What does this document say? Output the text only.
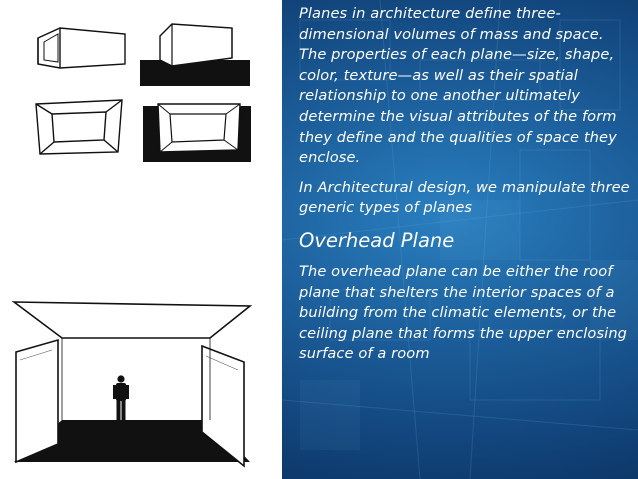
Planes in architecture define three-dimensional volumes of mass and space. The properties of each plane—size, shape, color, texture—as well as their spatial relationship to one another ultimately determine the visual attributes of the form they define and the qualities of space they enclose.

In Architectural design, we manipulate three generic types of planes

Overhead Plane

The overhead plane can be either the roof plane that shelters the interior spaces of a building from the climatic elements, or the ceiling plane that forms the upper enclosing surface of a room
